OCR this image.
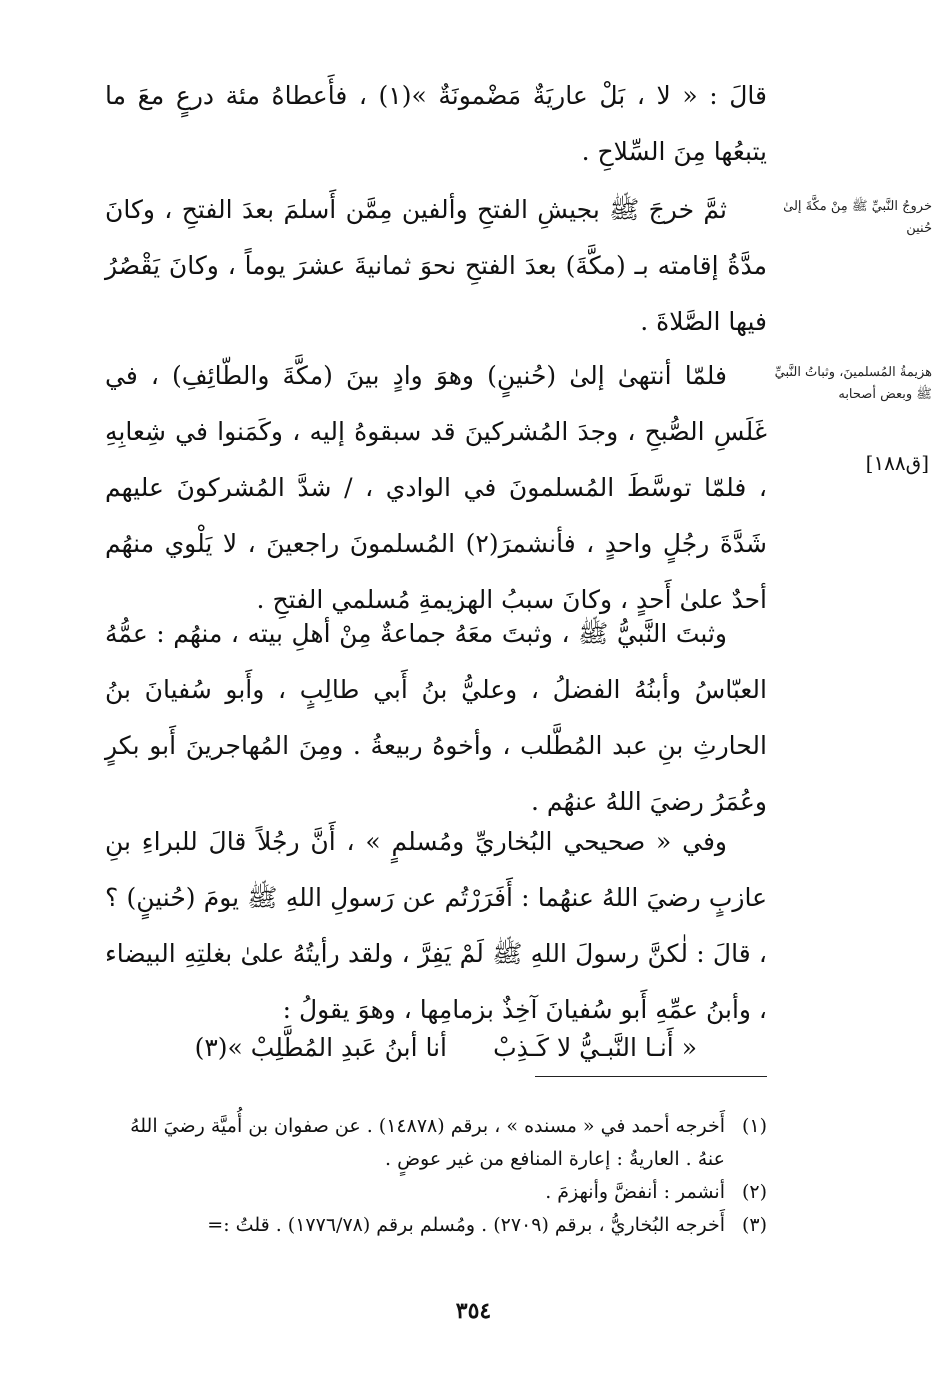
قالَ : « لا ، بَلْ عاريَةٌ مَضْمونَةٌ »(١) ، فأَعطاهُ مئة درعٍ معَ ما يتبعُها مِنَ السِّلاحِ .

ثمَّ خرجَ ﷺ بجيشِ الفتحِ وألفين مِمَّن أَسلمَ بعدَ الفتحِ ، وكانَ مدَّةُ إقامته بـ (مكَّةَ) بعدَ الفتحِ نحوَ ثمانيةَ عشرَ يوماً ، وكانَ يَقْصُرُ فيها الصَّلاةَ .

فلمّا أنتهىٰ إلىٰ (حُنينٍ) وهوَ وادٍ بينَ (مكَّةَ والطّائِفِ) ، في غَلَسِ الصُّبحِ ، وجدَ المُشركينَ قد سبقوهُ إليه ، وكَمَنوا في شِعابِهِ ، فلمّا توسَّطَ المُسلمونَ في الوادي ، / شدَّ المُشركونَ عليهم شَدَّةَ رجُلٍ واحدٍ ، فأنشمرَ(٢) المُسلمونَ راجعينَ ، لا يَلْوي منهُم أحدٌ علىٰ أَحدٍ ، وكانَ سببُ الهزيمةِ مُسلمي الفتحِ .

وثبتَ النَّبيُّ ﷺ ، وثبتَ معَهُ جماعةٌ مِنْ أهلِ بيته ، منهُم : عمُّهُ العبّاسُ وأبنُهُ الفضلُ ، وعليُّ بنُ أَبي طالِبٍ ، وأَبو سُفيانَ بنُ الحارثِ بنِ عبد المُطَّلب ، وأخوهُ ربيعةُ . ومِنَ المُهاجرينَ أَبو بكرٍ وعُمَرُ رضيَ اللهُ عنهُم .

وفي « صحيحي البُخاريِّ ومُسلمٍ » ، أَنَّ رجُلاً قالَ للبراءِ بنِ عازبٍ رضيَ اللهُ عنهُما : أَفَرَرْتُم عن رَسولِ اللهِ ﷺ يومَ (حُنينٍ) ؟ ، قالَ : لٰكنَّ رسولَ اللهِ ﷺ لَمْ يَفِرَّ ، ولقد رأيتُهُ علىٰ بغلتِهِ البيضاء ، وأبنُ عمِّهِ أَبو سُفيانَ آخِذٌ بزمامِها ، وهوَ يقولُ :

« أَنـا النَّبـيُّ لا كَـذِبْ
أنا أبنُ عَبدِ المُطَّلِبْ »(٣)
خروجُ النَّبيِّ ﷺ مِنْ مكَّةَ إلىٰ حُنين
هزيمةُ المُسلمينَ، وثباتُ النَّبيِّ ﷺ وبعض أصحابه
[ق١٨٨]

(١)
أَخرجه أحمد في « مسنده » ، برقم (١٤٨٧٨) . عن صفوان بن أُميَّة رضيَ اللهُ عنهُ . العاريةُ : إعارة المنافع من غير عوضٍ .

(٢)
أنشمر : أنفضَّ وأنهزمَ .

(٣)
أَخرجه البُخاريُّ ، برقم (٢٧٠٩) . ومُسلم برقم (١٧٧٦/٧٨) . قلتُ :=

٣٥٤
